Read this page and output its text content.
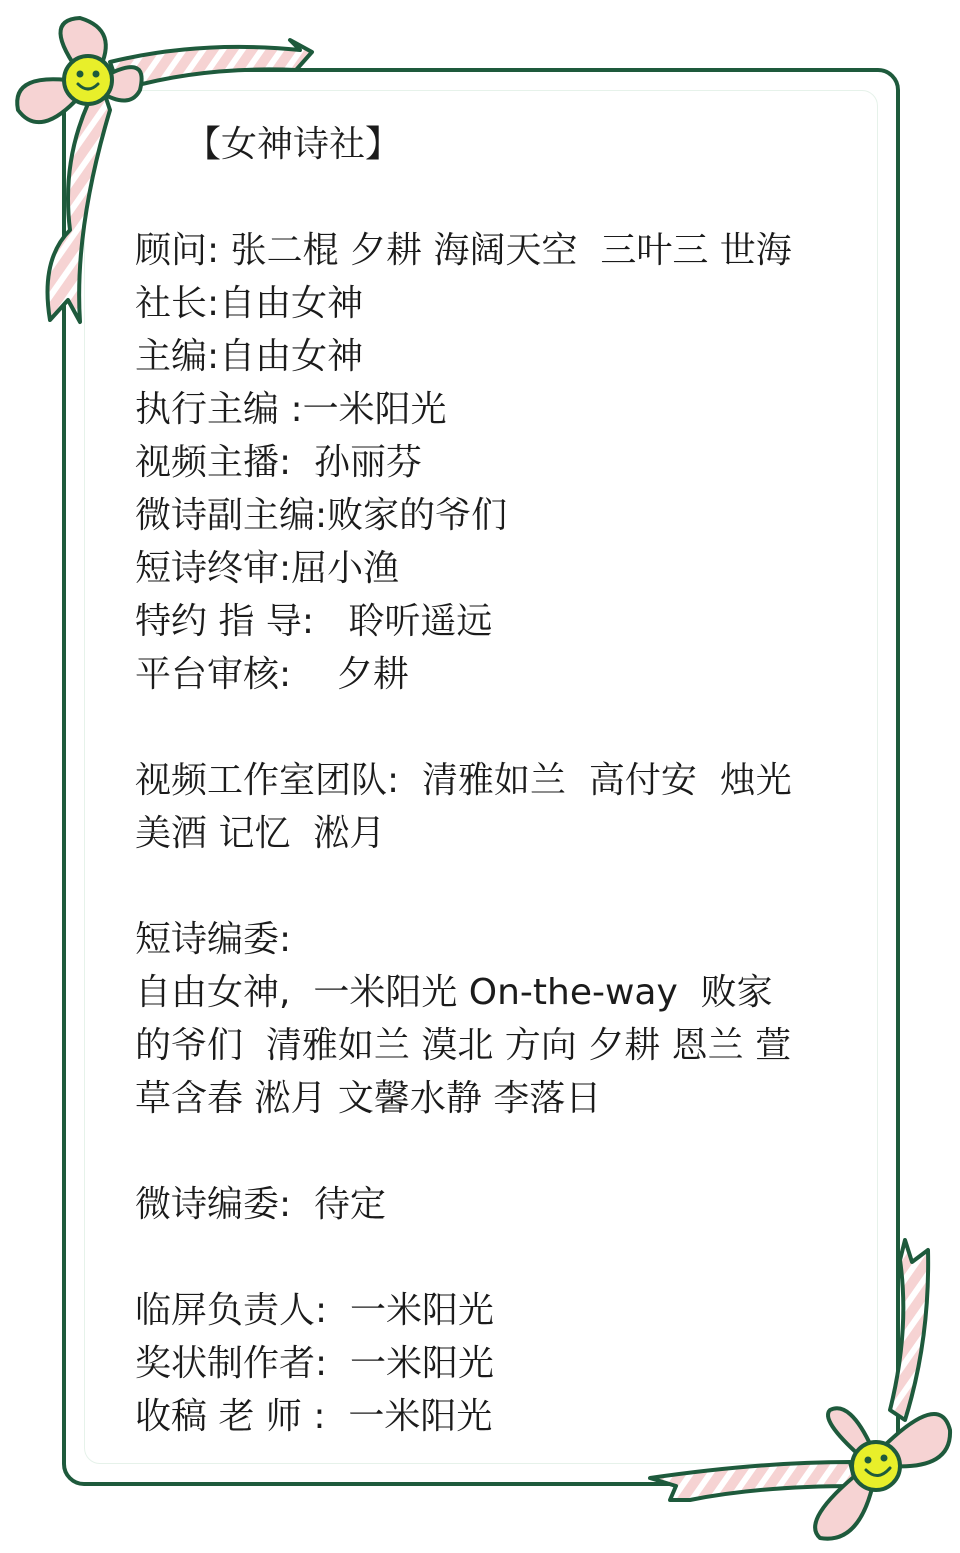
【女神诗社】
顾问: 张二棍 夕耕 海阔天空  三叶三 世海
社长:自由女神
主编:自由女神
执行主编 :一米阳光
视频主播:  孙丽芬
微诗副主编:败家的爷们
短诗终审:屈小渔
特约 指 导:   聆听遥远
平台审核:    夕耕
视频工作室团队:  清雅如兰  高付安  烛光
美酒 记忆  淞月
短诗编委:
自由女神,  一米阳光 On-the-way  败家
的爷们  清雅如兰 漠北 方向 夕耕 恩兰 萱
草含春 淞月 文馨水静 李落日
微诗编委:  待定
临屏负责人:  一米阳光
奖状制作者:  一米阳光
收稿 老 师 :  一米阳光
